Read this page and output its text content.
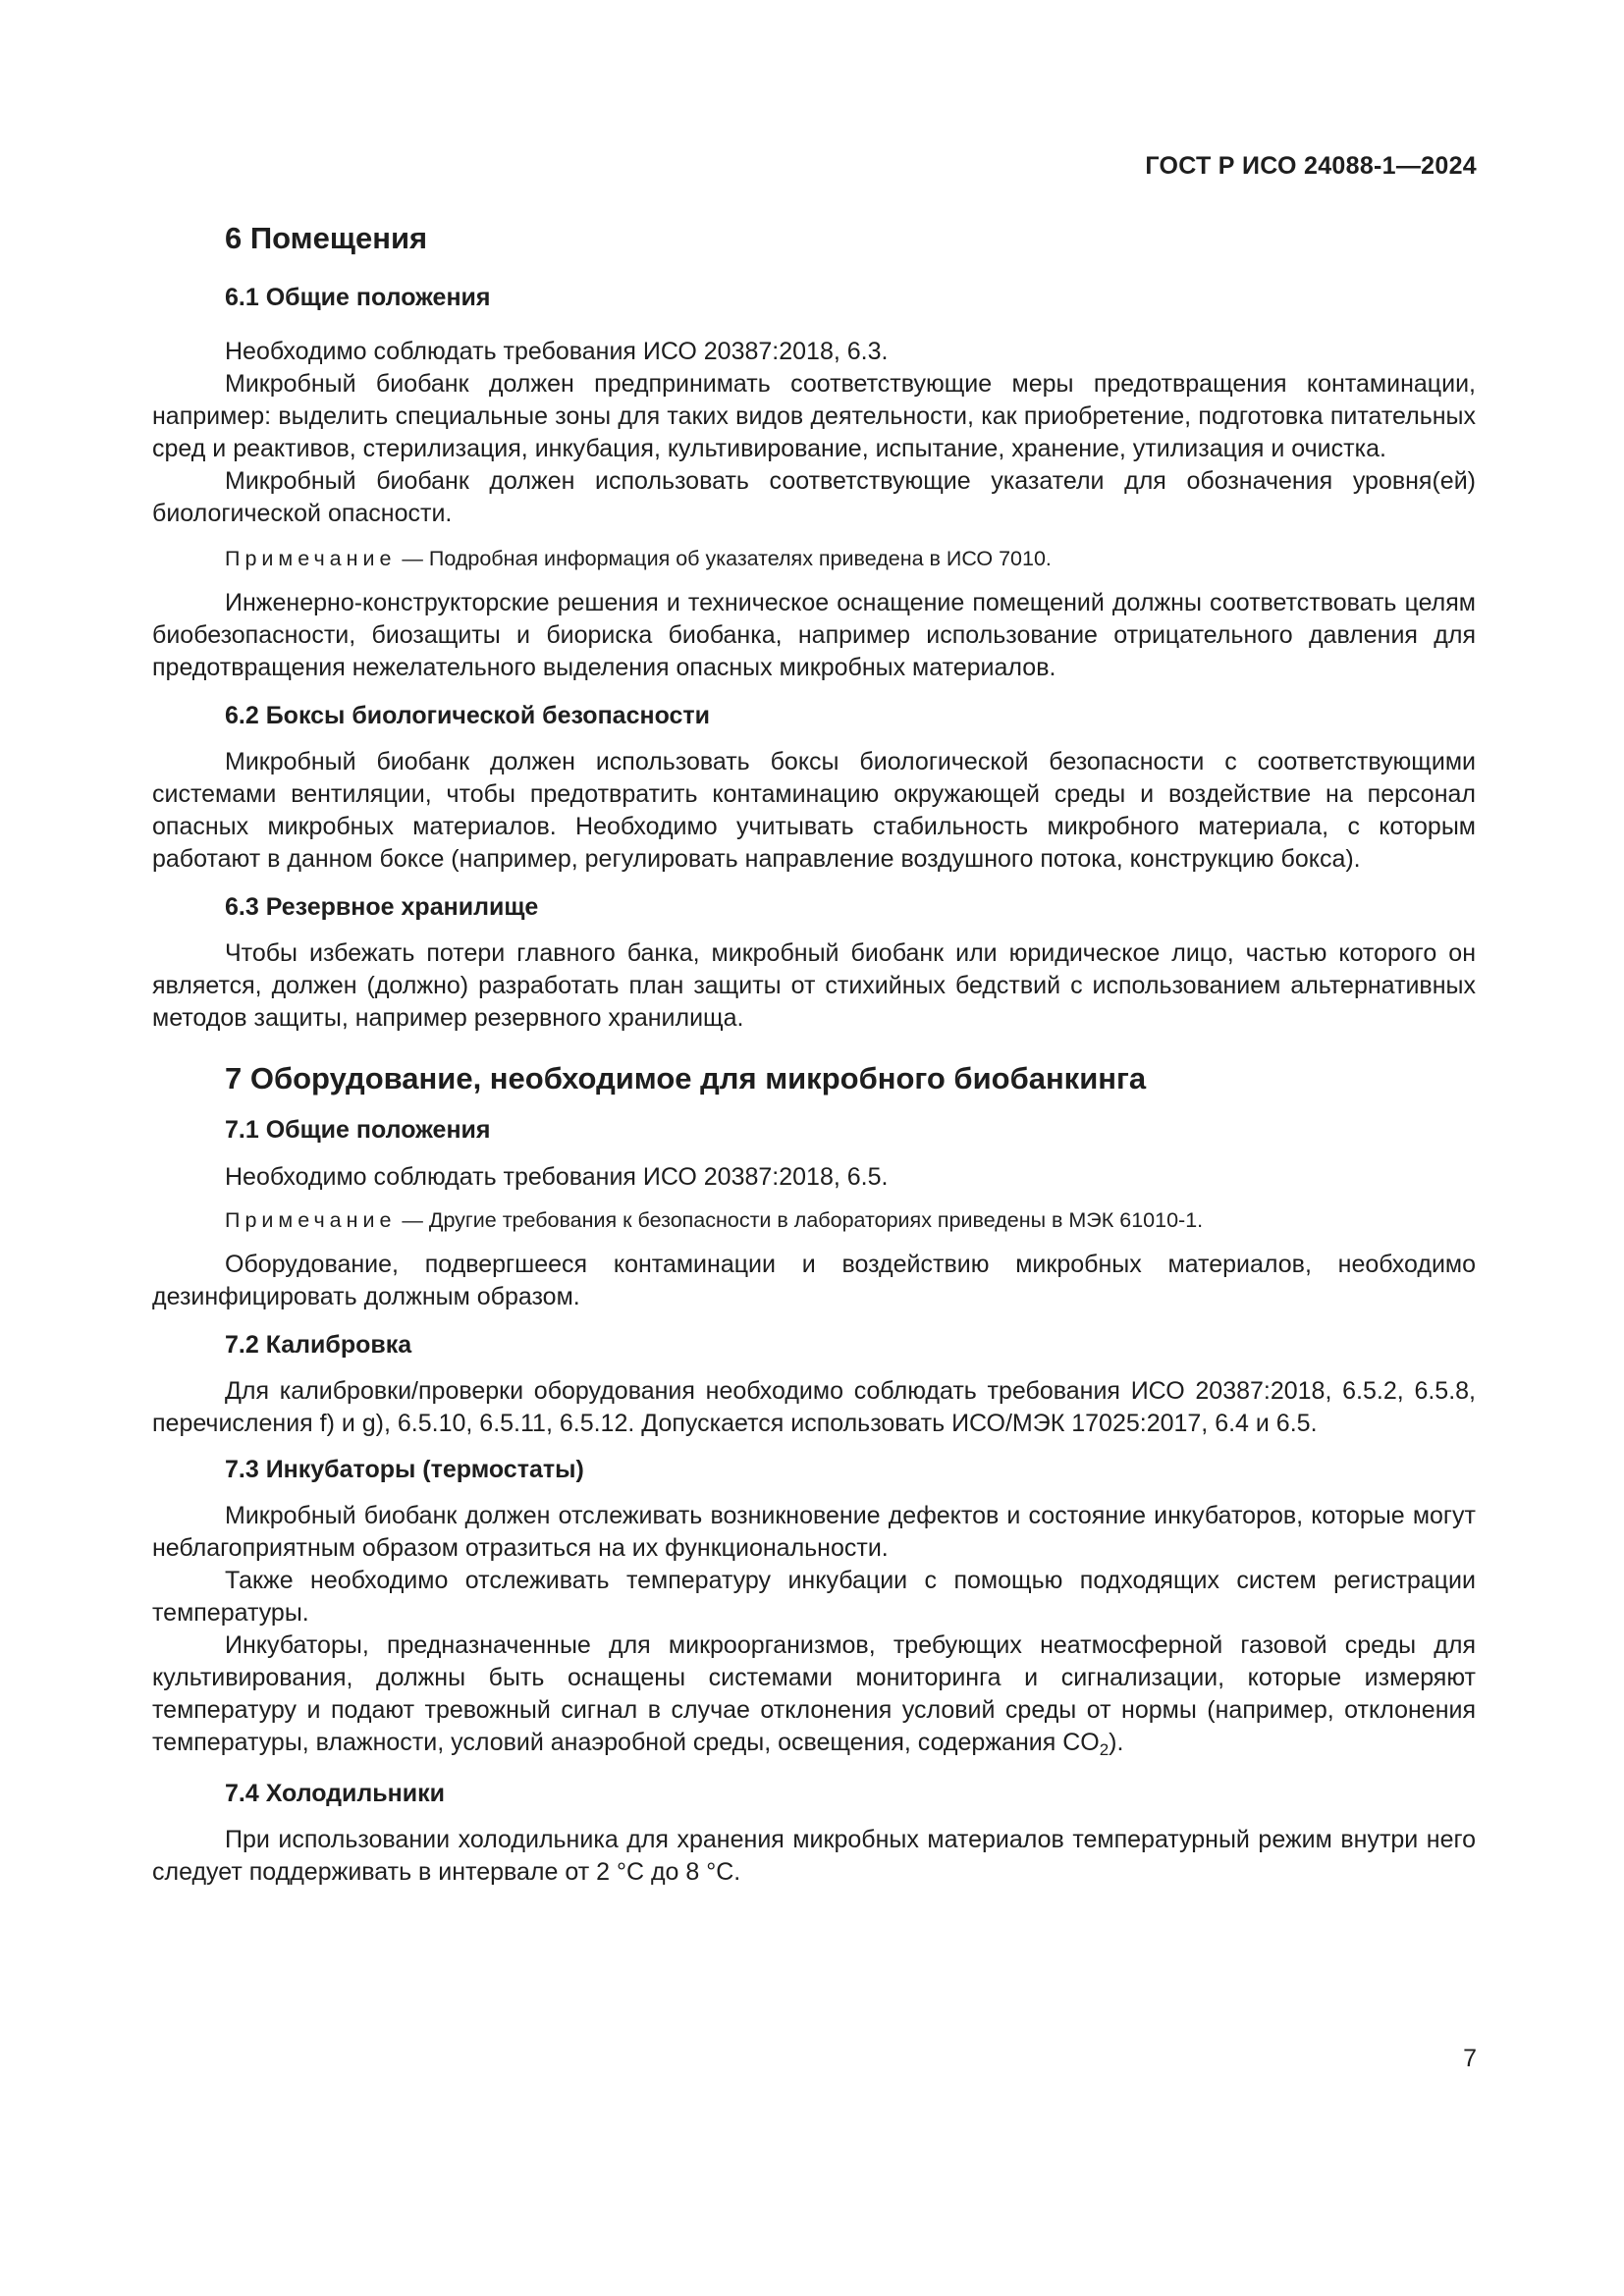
ГОСТ Р ИСО 24088-1—2024
6 Помещения
6.1 Общие положения
Необходимо соблюдать требования ИСО 20387:2018, 6.3.
Микробный биобанк должен предпринимать соответствующие меры предотвращения контаминации, например: выделить специальные зоны для таких видов деятельности, как приобретение, подготовка питательных сред и реактивов, стерилизация, инкубация, культивирование, испытание, хранение, утилизация и очистка.
Микробный биобанк должен использовать соответствующие указатели для обозначения уровня(ей) биологической опасности.
Примечание — Подробная информация об указателях приведена в ИСО 7010.
Инженерно-конструкторские решения и техническое оснащение помещений должны соответствовать целям биобезопасности, биозащиты и биориска биобанка, например использование отрицательного давления для предотвращения нежелательного выделения опасных микробных материалов.
6.2 Боксы биологической безопасности
Микробный биобанк должен использовать боксы биологической безопасности с соответствующими системами вентиляции, чтобы предотвратить контаминацию окружающей среды и воздействие на персонал опасных микробных материалов. Необходимо учитывать стабильность микробного материала, с которым работают в данном боксе (например, регулировать направление воздушного потока, конструкцию бокса).
6.3 Резервное хранилище
Чтобы избежать потери главного банка, микробный биобанк или юридическое лицо, частью которого он является, должен (должно) разработать план защиты от стихийных бедствий с использованием альтернативных методов защиты, например резервного хранилища.
7 Оборудование, необходимое для микробного биобанкинга
7.1 Общие положения
Необходимо соблюдать требования ИСО 20387:2018, 6.5.
Примечание — Другие требования к безопасности в лабораториях приведены в МЭК 61010-1.
Оборудование, подвергшееся контаминации и воздействию микробных материалов, необходимо дезинфицировать должным образом.
7.2 Калибровка
Для калибровки/проверки оборудования необходимо соблюдать требования ИСО 20387:2018, 6.5.2, 6.5.8, перечисления f) и g), 6.5.10, 6.5.11, 6.5.12. Допускается использовать ИСО/МЭК 17025:2017, 6.4 и 6.5.
7.3 Инкубаторы (термостаты)
Микробный биобанк должен отслеживать возникновение дефектов и состояние инкубаторов, которые могут неблагоприятным образом отразиться на их функциональности.
Также необходимо отслеживать температуру инкубации с помощью подходящих систем регистрации температуры.
Инкубаторы, предназначенные для микроорганизмов, требующих неатмосферной газовой среды для культивирования, должны быть оснащены системами мониторинга и сигнализации, которые измеряют температуру и подают тревожный сигнал в случае отклонения условий среды от нормы (например, отклонения температуры, влажности, условий анаэробной среды, освещения, содержания $CO_2$).
7.4 Холодильники
При использовании холодильника для хранения микробных материалов температурный режим внутри него следует поддерживать в интервале от 2 °C до 8 °C.
7
